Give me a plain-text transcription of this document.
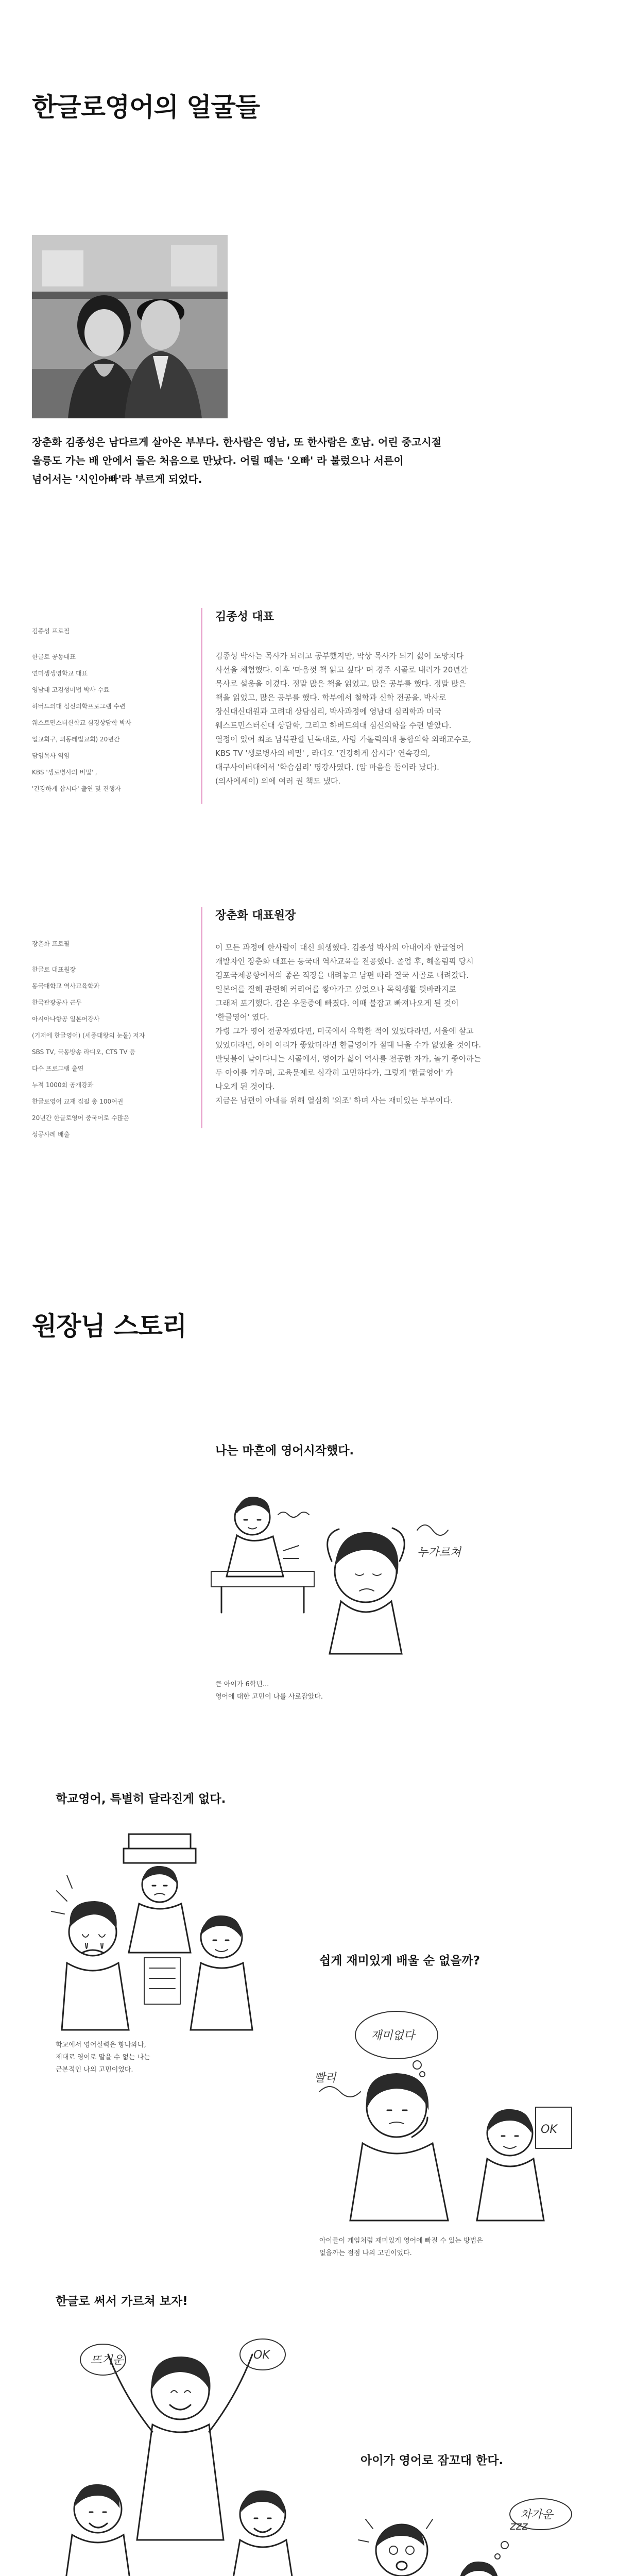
한글로영어의 얼굴들
장춘화 김종성은 남다르게 살아온 부부다. 한사람은 영남, 또 한사람은 호남. 어린 중고시절
울릉도 가는 배 안에서 둘은 처음으로 만났다. 어릴 때는 '오빠' 라 불렀으나 서른이
넘어서는 '시인아빠'라 부르게 되었다.

김종성 프로필

한글로 공동대표

연미생생영학교 대표

영남대 고김성미법 박사 수료

하버드의대 심신의학프로그램 수련

웨스트민스터신학교 심경상담학 박사

일교회구, 외동레벌교회) 20년간

담임목사 역임

KBS '생로병사의 비밀' ,

'건강하게 삽시다' 출연 및 진행자

김종성 대표
김종성 박사는 목사가 되려고 공부했지만, 막상 목사가 되기 싫어 도망치다
사선을 체험했다. 이후 '마음껏 책 읽고 싶다' 며 경주 시골로 내려가 20년간
목사로 설움을 이겼다. 정말 많은 책을 읽었고, 많은 공부를 했다. 정말 많은
책을 읽었고, 많은 공부를 했다. 학부에서 철학과 신학 전공을, 박사로
장신대신대원과 고려대 상담심리, 박사과정에 영남대 심리학과 미국
웨스트민스터신대 상담학, 그리고 하버드의대 심신의학을 수련 받았다.
열정이 있어 최초 남북관할 난독대로, 사랑 가톨릭의대 통합의학 외래교수로,
KBS TV '생로병사의 비밀' , 라디오 '건강하게 삽시다' 연속강의,
대구사이버대에서 '학습심리' 명강사였다. (암 마음을 돌이라 났다).
(의사에세이) 외에 여러 권 책도 냈다.

장춘화 프로필

한글로 대표원장

동국대학교 역사교육학과

한국관광공사 근무

아시아나항공 일본어강사

(기저에 한글영어) (세종대왕의 눈물) 저자

SBS TV, 극동방송 라디오, CTS TV 등

다수 프로그램 출연

누적 1000회 공개강좌

한글로영어 교재 집필 총 100여권

20년간 한글로영어 중국어로 수많은

성공사례 배출

장춘화 대표원장
이 모든 과정에 한사람이 대신 희생했다. 김종성 박사의 아내이자 한글영어
개발자인 장춘화 대표는 동국대 역사교육을 전공했다. 졸업 후, 해올림픽 당시
김포국제공항에서의 좋은 직장을 내려놓고 남편 따라 결국 시골로 내려갔다.
일본어를 질해 관련해 커리어를 쌓아가고 싶었으나 목회생활 뒷바라지로
그래저 포기했다. 갑은 우물증에 빠졌다. 이때 불잡고 빠져나오게 된 것이
'한글영어' 였다.
가령 그가 영어 전공자였다면, 미국에서 유학한 적이 있었다라면, 서울에 살고
있었더라면, 아이 여리가 좋았더라면 한글영어가 절대 나올 수가 없었을 것이다.
반딧불이 날아다니는 시골에서, 영어가 싫어 역사를 전공한 자가, 놀기 좋아하는
두 아이를 키우며, 교육문제로 심각히 고민하다가, 그렇게 '한글영어' 가
나오게 된 것이다.
지금은 남편이 아내를 위해 열심히 '외조' 하며 사는 재미있는 부부이다.
원장님 스토리
나는 마흔에 영어시작했다.
누가르쳐
큰 아이가 6학년...
영어에 대한 고민이 나를 사로잡았다.
학교영어, 특별히 달라진게 없다.
학교에서 영어실력은 향나와나,
제대로 영어로 말을 수 없는 나는
근본적인 나의 고민이었다.
쉽게 재미있게 배울 순 없을까?
재미없다
OK
빨리
아이들이 게임처럼 재미있게 영어에 빠질 수 있는 방법은
없을까는 점점 나의 고민이었다.
한글로 써서 가르쳐 보자!
뜨거운	OK
아이가 영어로 잠꼬대 한다.
zzz
차가운
